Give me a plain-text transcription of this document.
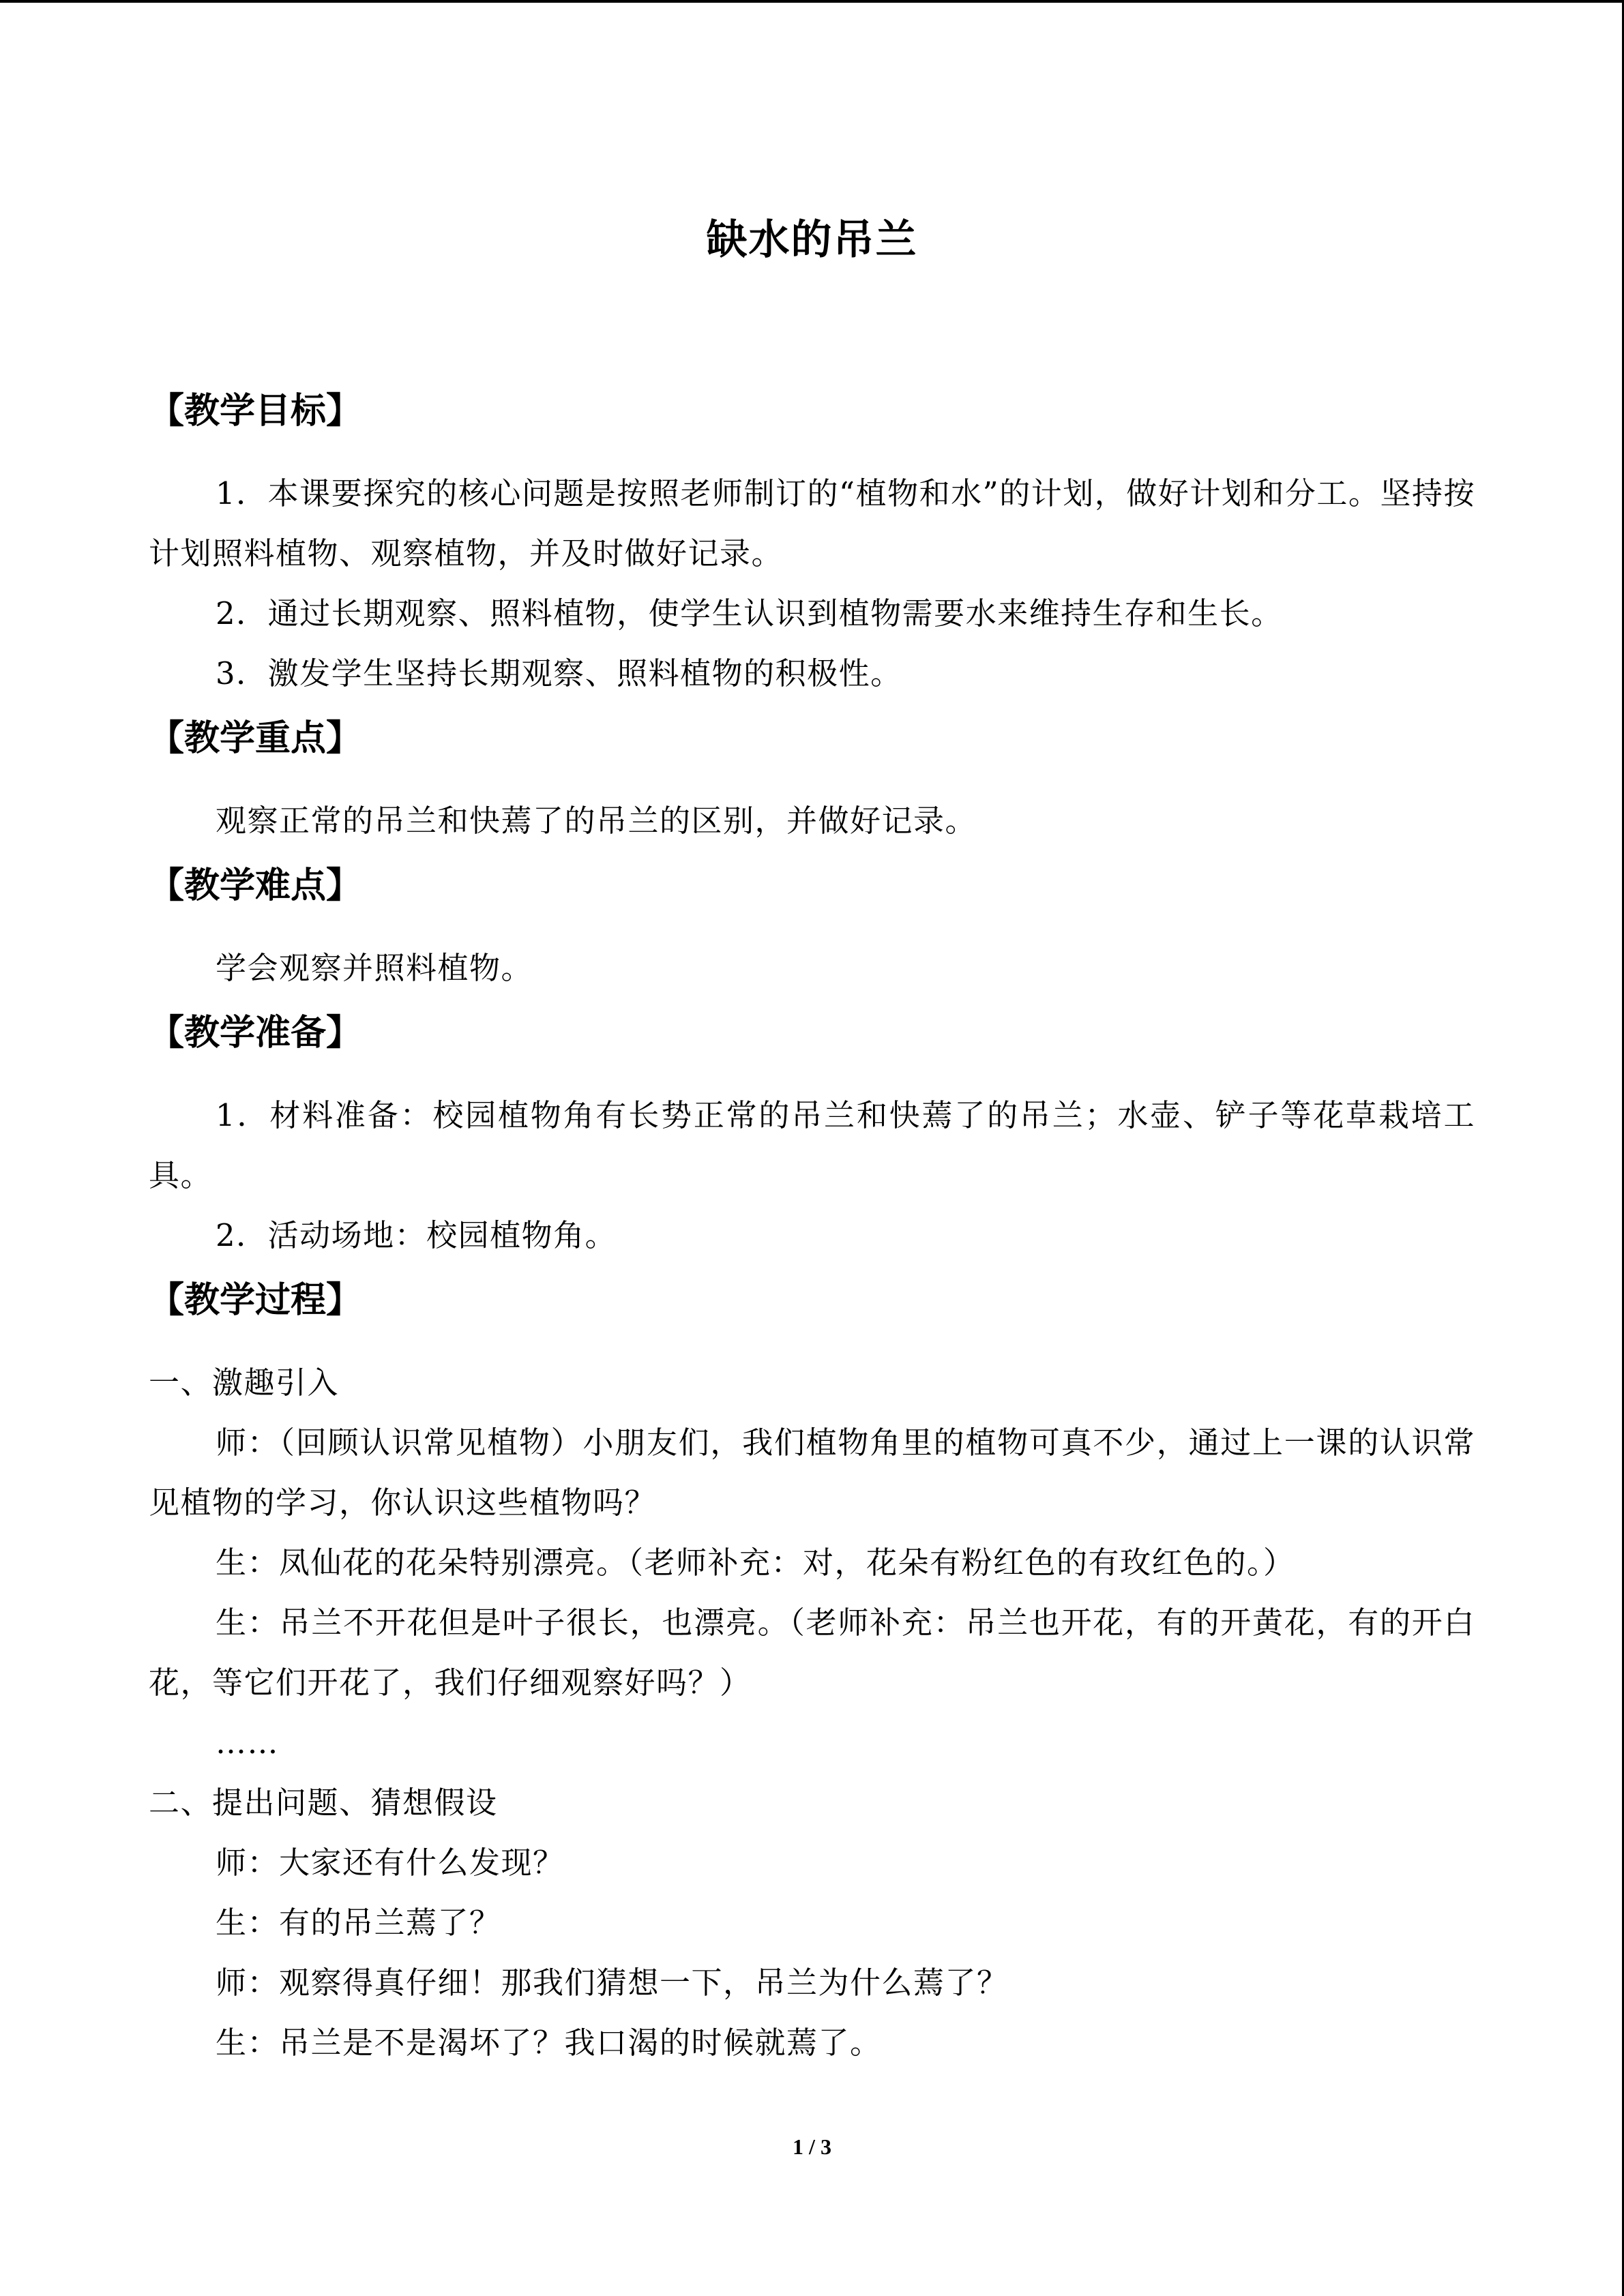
缺水的吊兰
【教学目标】
1．本课要探究的核心问题是按照老师制订的“植物和水”的计划，做好计划和分工。坚持按计划照料植物、观察植物，并及时做好记录。
2．通过长期观察、照料植物，使学生认识到植物需要水来维持生存和生长。
3．激发学生坚持长期观察、照料植物的积极性。
【教学重点】
观察正常的吊兰和快蔫了的吊兰的区别，并做好记录。
【教学难点】
学会观察并照料植物。
【教学准备】
1．材料准备：校园植物角有长势正常的吊兰和快蔫了的吊兰；水壶、铲子等花草栽培工具。
2．活动场地：校园植物角。
【教学过程】
一、激趣引入
师：（回顾认识常见植物）小朋友们，我们植物角里的植物可真不少，通过上一课的认识常见植物的学习，你认识这些植物吗？
生：凤仙花的花朵特别漂亮。（老师补充：对，花朵有粉红色的有玫红色的。）
生：吊兰不开花但是叶子很长，也漂亮。（老师补充：吊兰也开花，有的开黄花，有的开白花，等它们开花了，我们仔细观察好吗？）
……
二、提出问题、猜想假设
师：大家还有什么发现？
生：有的吊兰蔫了？
师：观察得真仔细！那我们猜想一下，吊兰为什么蔫了？
生：吊兰是不是渴坏了？我口渴的时候就蔫了。
1 / 3
